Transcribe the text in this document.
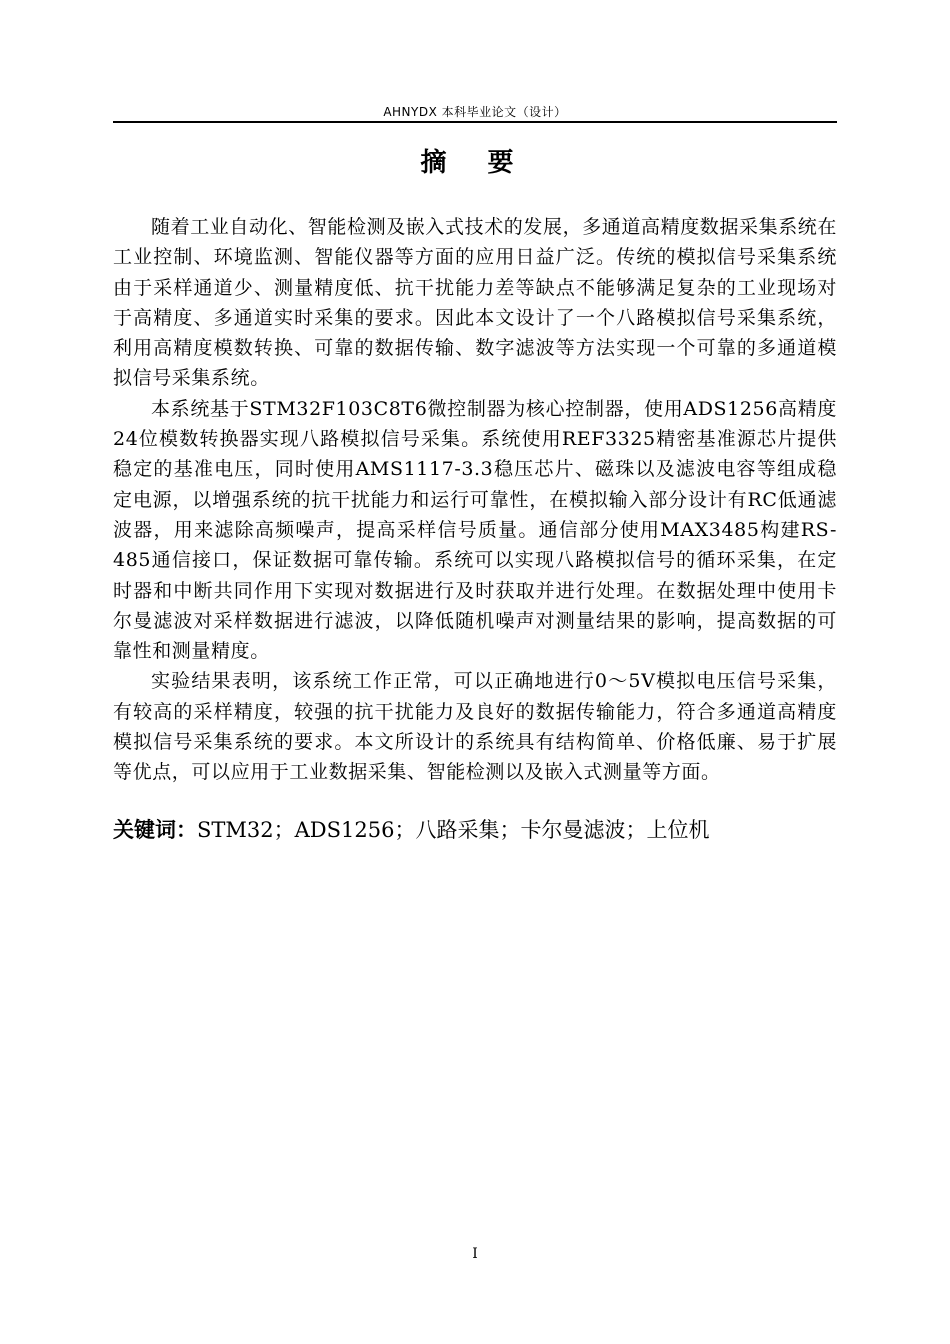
AHNYDX 本科毕业论文（设计）
摘 要

随着工业自动化、智能检测及嵌入式技术的发展，多通道高精度数据采集系统在工业控制、环境监测、智能仪器等方面的应用日益广泛。传统的模拟信号采集系统由于采样通道少、测量精度低、抗干扰能力差等缺点不能够满足复杂的工业现场对于高精度、多通道实时采集的要求。因此本文设计了一个八路模拟信号采集系统，利用高精度模数转换、可靠的数据传输、数字滤波等方法实现一个可靠的多通道模拟信号采集系统。

本系统基于STM32F103C8T6微控制器为核心控制器，使用ADS1256高精度24位模数转换器实现八路模拟信号采集。系统使用REF3325精密基准源芯片提供稳定的基准电压，同时使用AMS1117-3.3稳压芯片、磁珠以及滤波电容等组成稳定电源，以增强系统的抗干扰能力和运行可靠性，在模拟输入部分设计有RC低通滤波器，用来滤除高频噪声，提高采样信号质量。通信部分使用MAX3485构建RS-485通信接口，保证数据可靠传输。系统可以实现八路模拟信号的循环采集，在定时器和中断共同作用下实现对数据进行及时获取并进行处理。在数据处理中使用卡尔曼滤波对采样数据进行滤波，以降低随机噪声对测量结果的影响，提高数据的可靠性和测量精度。

实验结果表明，该系统工作正常，可以正确地进行0～5V模拟电压信号采集，有较高的采样精度，较强的抗干扰能力及良好的数据传输能力，符合多通道高精度模拟信号采集系统的要求。本文所设计的系统具有结构简单、价格低廉、易于扩展等优点，可以应用于工业数据采集、智能检测以及嵌入式测量等方面。

关键词：STM32；ADS1256；八路采集；卡尔曼滤波；上位机
I
